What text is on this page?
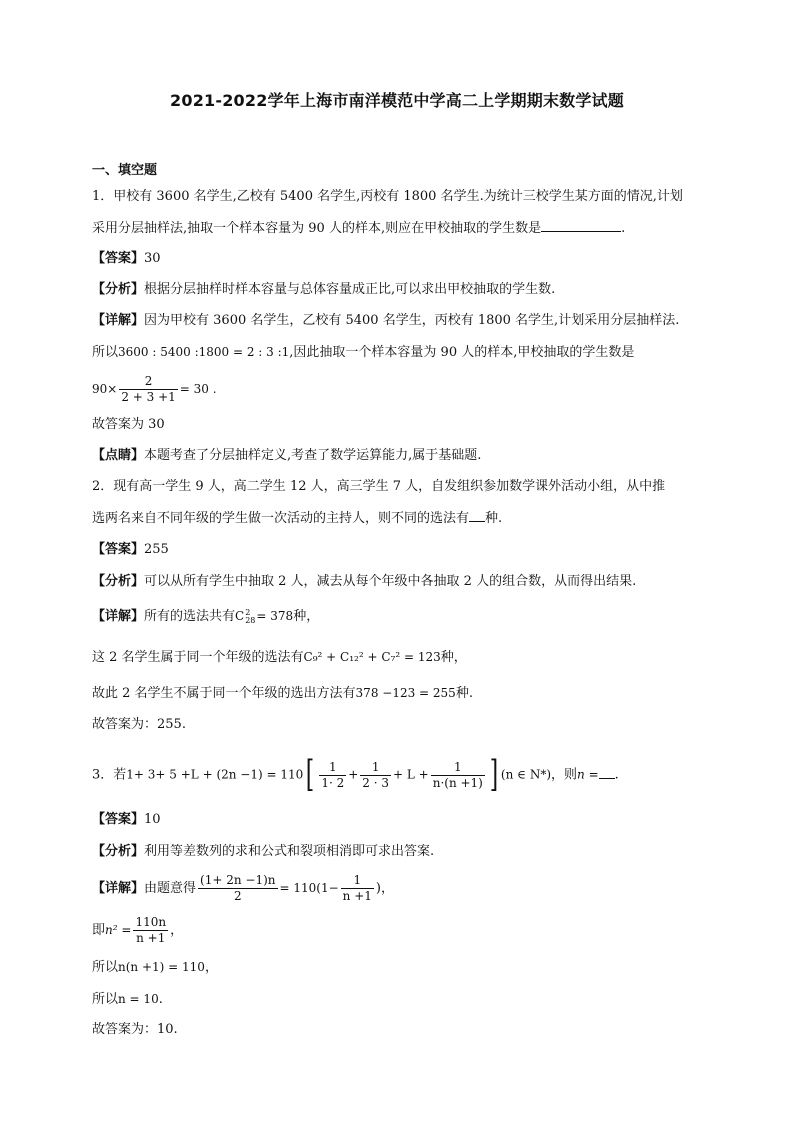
2021-2022学年上海市南洋模范中学高二上学期期末数学试题
一、填空题
1．甲校有 3600 名学生,乙校有 5400 名学生,丙校有 1800 名学生.为统计三校学生某方面的情况,计划
采用分层抽样法,抽取一个样本容量为 90 人的样本,则应在甲校抽取的学生数是	.
【答案】30
【分析】根据分层抽样时样本容量与总体容量成正比,可以求出甲校抽取的学生数.
【详解】因为甲校有 3600 名学生，乙校有 5400 名学生，丙校有 1800 名学生,计划采用分层抽样法.
所以3600 : 5400 :1800 = 2 : 3 :1,因此抽取一个样本容量为 90 人的样本,甲校抽取的学生数是
$90\times \frac{2}{2 + 3 +1} = 30$ .
故答案为 30
【点睛】本题考查了分层抽样定义,考查了数学运算能力,属于基础题.
2．现有高一学生 9 人，高二学生 12 人，高三学生 7 人，自发组织参加数学课外活动小组，从中推
选两名来自不同年级的学生做一次活动的主持人，则不同的选法有 种.
【答案】255
【分析】可以从所有学生中抽取 2 人，减去从每个年级中各抽取 2 人的组合数，从而得出结果.
【详解】所有的选法共有C 2
28 = 378种，
这 2 名学生属于同一个年级的选法有C₉² + C₁₂² + C₇² = 123种，
故此 2 名学生不属于同一个年级的选出方法有378 −123 = 255种.
故答案为：255.
3．若$1+ 3+ 5 +L + (2n -1) = 110[ \frac{1}{1\cdot 2} + \frac{1}{2 \cdot 3} + L + \frac{1}{n\cdot(n +1)}$ ] (n ∈ N*)，则n = .
【答案】10
【分析】利用等差数列的求和公式和裂项相消即可求出答案.
【详解】由题意得 $\frac{(1+ 2n -1)n}{2} = 110(1- \frac{1}{n +1}$ )，
即$n^2 = \frac{110n}{n +1}$ ，
所以n(n +1) = 110，
所以n = 10.
故答案为：10.
